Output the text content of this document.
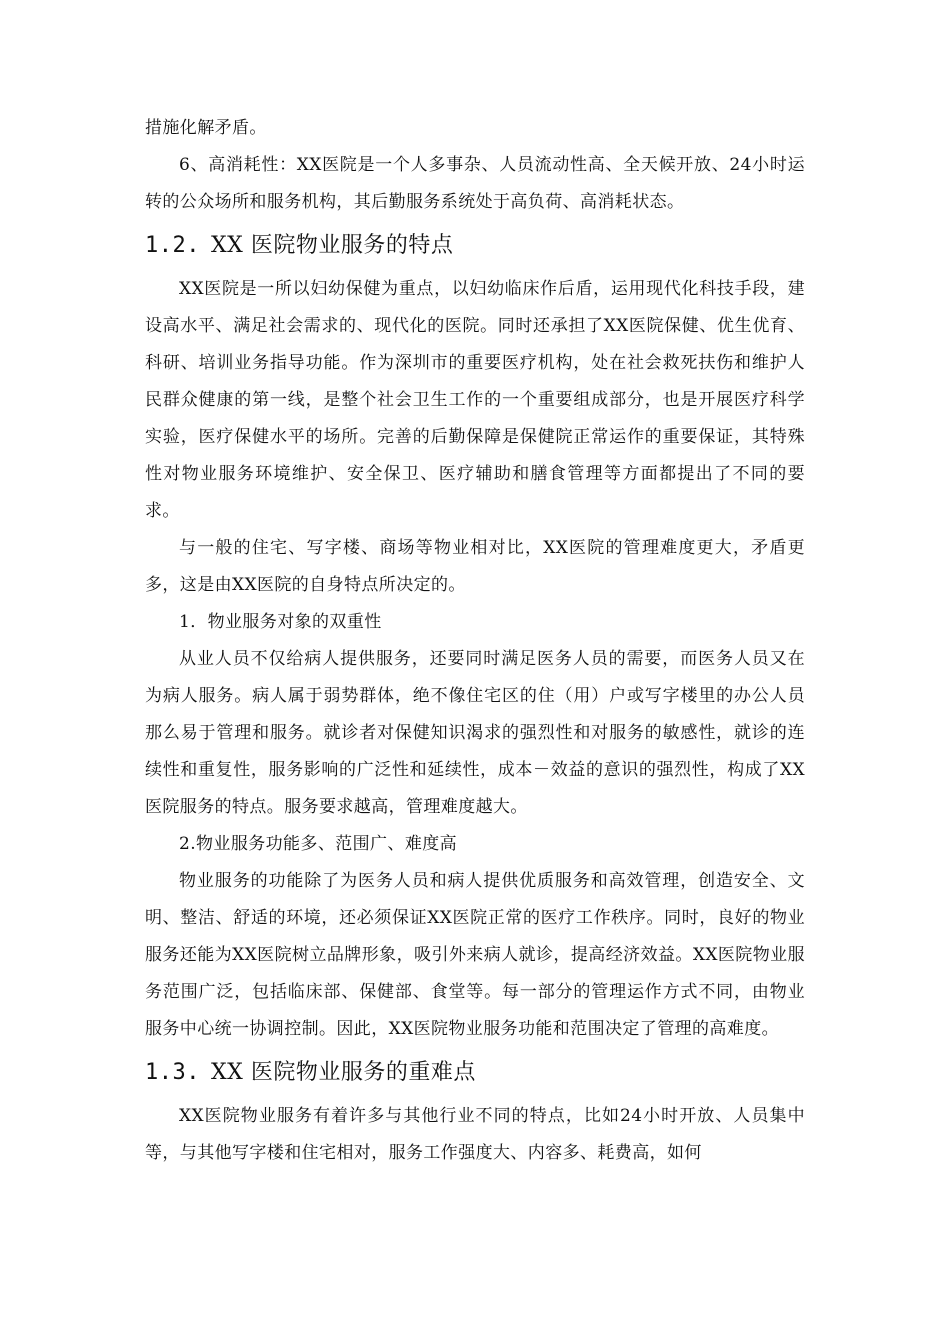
措施化解矛盾。

6、高消耗性：XX医院是一个人多事杂、人员流动性高、全天候开放、24小时运转的公众场所和服务机构，其后勤服务系统处于高负荷、高消耗状态。

1.2. XX 医院物业服务的特点

XX医院是一所以妇幼保健为重点，以妇幼临床作后盾，运用现代化科技手段，建设高水平、满足社会需求的、现代化的医院。同时还承担了XX医院保健、优生优育、科研、培训业务指导功能。作为深圳市的重要医疗机构，处在社会救死扶伤和维护人民群众健康的第一线，是整个社会卫生工作的一个重要组成部分，也是开展医疗科学实验，医疗保健水平的场所。完善的后勤保障是保健院正常运作的重要保证，其特殊性对物业服务环境维护、安全保卫、医疗辅助和膳食管理等方面都提出了不同的要求。

与一般的住宅、写字楼、商场等物业相对比，XX医院的管理难度更大，矛盾更多，这是由XX医院的自身特点所决定的。

1．物业服务对象的双重性

从业人员不仅给病人提供服务，还要同时满足医务人员的需要，而医务人员又在为病人服务。病人属于弱势群体，绝不像住宅区的住（用）户或写字楼里的办公人员那么易于管理和服务。就诊者对保健知识渴求的强烈性和对服务的敏感性，就诊的连续性和重复性，服务影响的广泛性和延续性，成本－效益的意识的强烈性，构成了XX医院服务的特点。服务要求越高，管理难度越大。

2.物业服务功能多、范围广、难度高

物业服务的功能除了为医务人员和病人提供优质服务和高效管理，创造安全、文明、整洁、舒适的环境，还必须保证XX医院正常的医疗工作秩序。同时，良好的物业服务还能为XX医院树立品牌形象，吸引外来病人就诊，提高经济效益。XX医院物业服务范围广泛，包括临床部、保健部、食堂等。每一部分的管理运作方式不同，由物业服务中心统一协调控制。因此，XX医院物业服务功能和范围决定了管理的高难度。

1.3. XX 医院物业服务的重难点

XX医院物业服务有着许多与其他行业不同的特点，比如24小时开放、人员集中等，与其他写字楼和住宅相对，服务工作强度大、内容多、耗费高，如何
